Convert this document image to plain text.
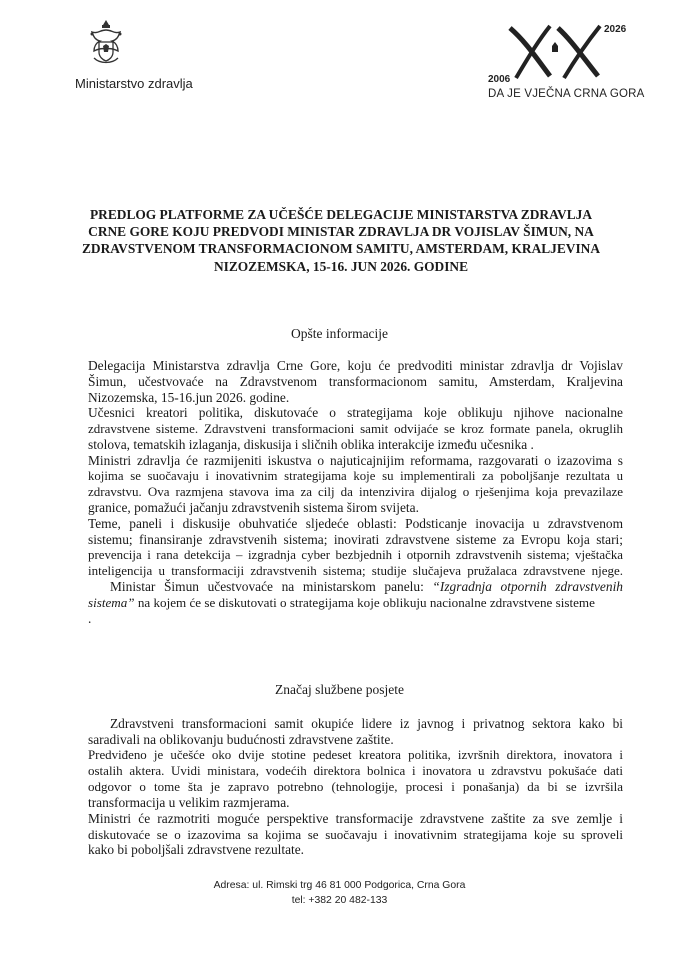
Ministarstvo zdravlja	2006
2026
DA JE VJEČNA CRNA GORA
PREDLOG PLATFORME ZA UČEŠĆE DELEGACIJE MINISTARSTVA ZDRAVLJA
CRNE GORE KOJU PREDVODI MINISTAR ZDRAVLJA DR VOJISLAV ŠIMUN, NA
ZDRAVSTVENOM TRANSFORMACIONOM SAMITU, AMSTERDAM, KRALJEVINA
NIZOZEMSKA, 15-16. JUN 2026. GODINE
Opšte informacije
Delegacija Ministarstva zdravlja Crne Gore, koju će predvoditi ministar zdravlja dr Vojislav
Šimun, učestvovaće na Zdravstvenom transformacionom samitu, Amsterdam, Kraljevina
Nizozemska, 15-16.jun 2026. godine.
Učesnici kreatori politika, diskutovaće o strategijama koje oblikuju njihove nacionalne
zdravstvene sisteme. Zdravstveni transformacioni samit odvijaće se kroz formate panela, okruglih
stolova, tematskih izlaganja, diskusija i sličnih oblika interakcije između učesnika .
Ministri zdravlja će razmijeniti iskustva o najuticajnijim reformama, razgovarati o izazovima s
kojima se suočavaju i inovativnim strategijama koje su implementirali za poboljšanje rezultata u
zdravstvu. Ova razmjena stavova ima za cilj da intenzivira dijalog o rješenjima koja prevazilaze
granice, pomažući jačanju zdravstvenih sistema širom svijeta.
Teme, paneli i diskusije obuhvatiće sljedeće oblasti: Podsticanje inovacija u zdravstvenom
sistemu; finansiranje zdravstvenih sistema; inovirati zdravstvene sisteme za Evropu koja stari;
prevencija i rana detekcija – izgradnja cyber bezbjednih i otpornih zdravstvenih sistema; vještačka
inteligencija u transformaciji zdravstvenih sistema; studije slučajeva pružalaca zdravstvene njege.
Ministar Šimun učestvovaće na ministarskom panelu: “Izgradnja otpornih zdravstvenih
sistema” na kojem će se diskutovati o strategijama koje oblikuju nacionalne zdravstvene sisteme
.
Značaj službene posjete
Zdravstveni transformacioni samit okupiće lidere iz javnog i privatnog sektora kako bi
saradivali na oblikovanju budućnosti zdravstvene zaštite.
Predviđeno je učešće oko dvije stotine pedeset kreatora politika, izvršnih direktora, inovatora i
ostalih aktera. Uvidi ministara, vodećih direktora bolnica i inovatora u zdravstvu pokušaće dati
odgovor o tome šta je zapravo potrebno (tehnologije, procesi i ponašanja) da bi se izvršila
transformacija u velikim razmjerama.
Ministri će razmotriti moguće perspektive transformacije zdravstvene zaštite za sve zemlje i
diskutovaće se o izazovima sa kojima se suočavaju i inovativnim strategijama koje su sproveli
kako bi poboljšali zdravstvene rezultate.
Adresa: ul. Rimski trg 46 81 000 Podgorica, Crna Gora
tel: +382 20 482-133
